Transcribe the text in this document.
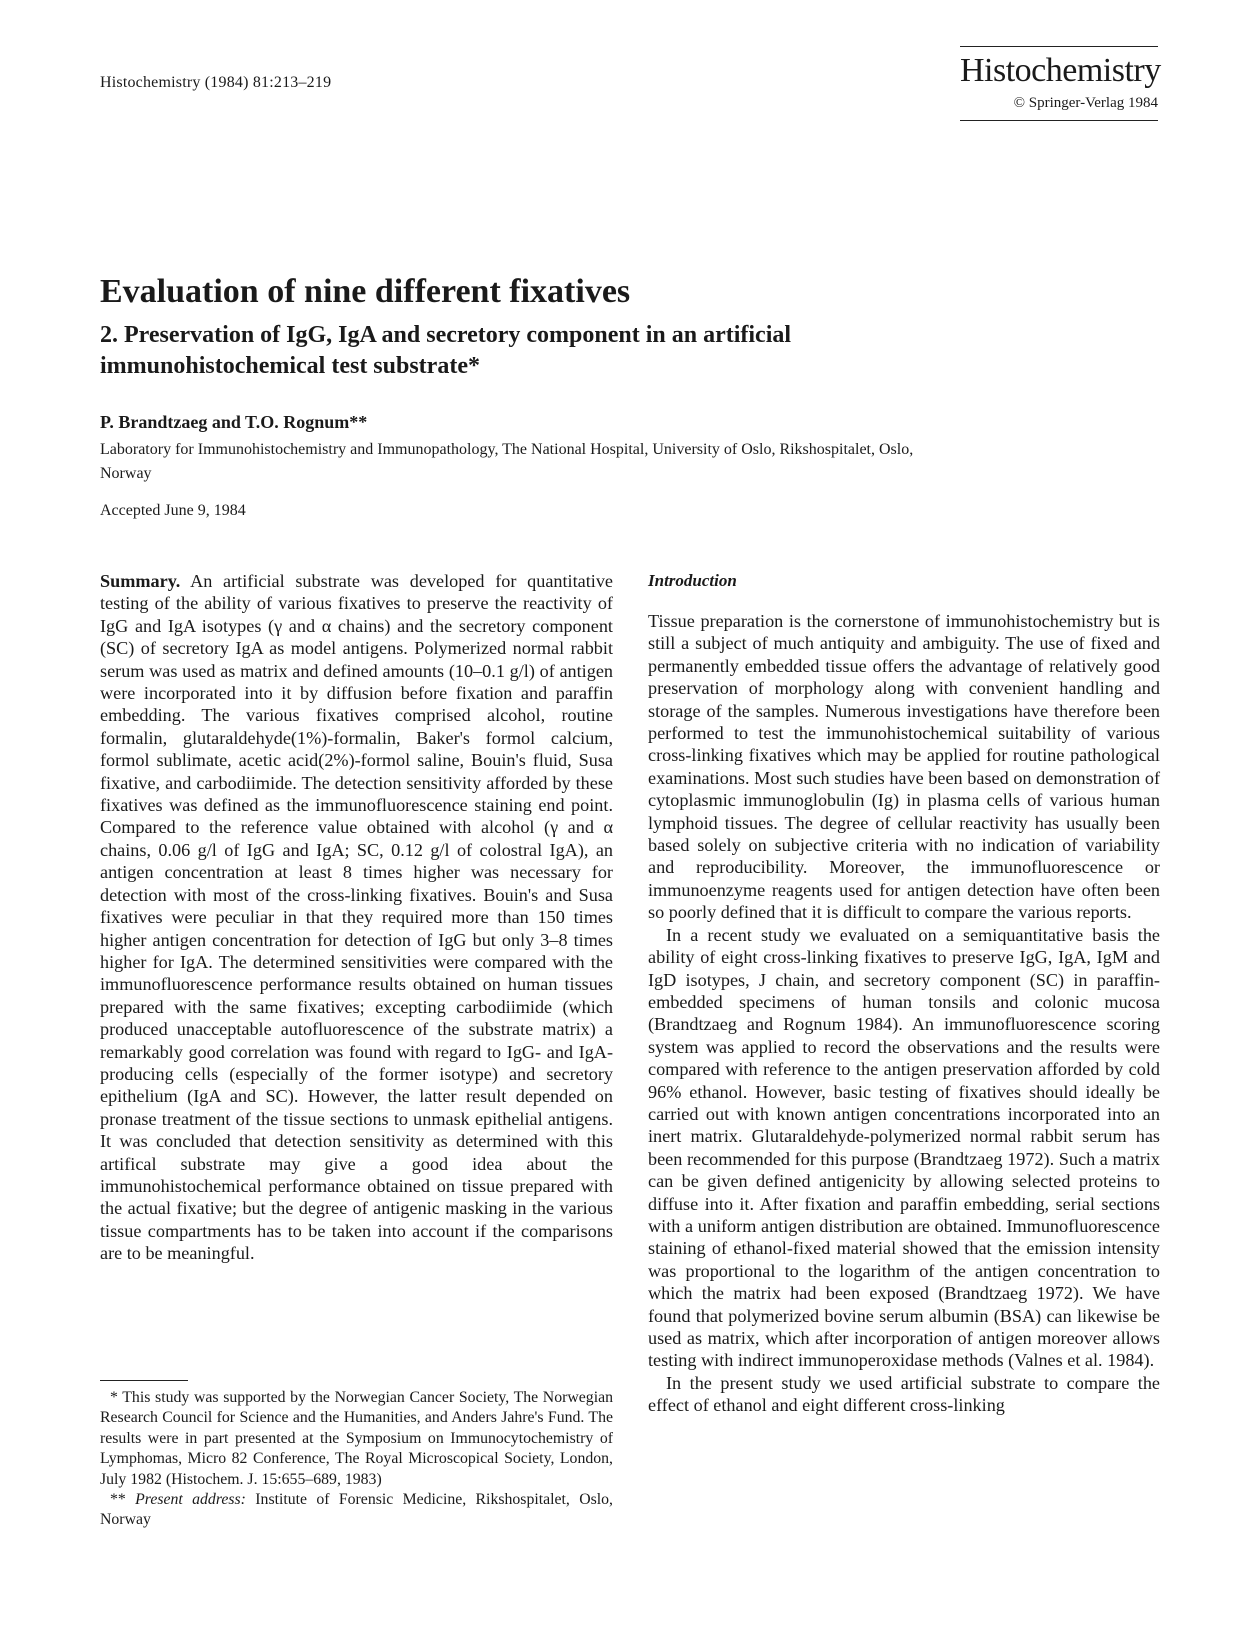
Histochemistry (1984) 81:213–219	Histochemistry
© Springer-Verlag 1984
Evaluation of nine different fixatives
2. Preservation of IgG, IgA and secretory component in an artificial immunohistochemical test substrate*
P. Brandtzaeg and T.O. Rognum**
Laboratory for Immunohistochemistry and Immunopathology, The National Hospital, University of Oslo, Rikshospitalet, Oslo, Norway
Accepted June 9, 1984

Summary. An artificial substrate was developed for quantitative testing of the ability of various fixatives to preserve the reactivity of IgG and IgA isotypes (γ and α chains) and the secretory component (SC) of secretory IgA as model antigens. Polymerized normal rabbit serum was used as matrix and defined amounts (10–0.1 g/l) of antigen were incorporated into it by diffusion before fixation and paraffin embedding. The various fixatives comprised alcohol, routine formalin, glutaraldehyde(1%)-formalin, Baker's formol calcium, formol sublimate, acetic acid(2%)-formol saline, Bouin's fluid, Susa fixative, and carbodiimide. The detection sensitivity afforded by these fixatives was defined as the immunofluorescence staining end point. Compared to the reference value obtained with alcohol (γ and α chains, 0.06 g/l of IgG and IgA; SC, 0.12 g/l of colostral IgA), an antigen concentration at least 8 times higher was necessary for detection with most of the cross-linking fixatives. Bouin's and Susa fixatives were peculiar in that they required more than 150 times higher antigen concentration for detection of IgG but only 3–8 times higher for IgA. The determined sensitivities were compared with the immunofluorescence performance results obtained on human tissues prepared with the same fixatives; excepting carbodiimide (which produced unacceptable autofluorescence of the substrate matrix) a remarkably good correlation was found with regard to IgG- and IgA-producing cells (especially of the former isotype) and secretory epithelium (IgA and SC). However, the latter result depended on pronase treatment of the tissue sections to unmask epithelial antigens. It was concluded that detection sensitivity as determined with this artifical substrate may give a good idea about the immunohistochemical performance obtained on tissue prepared with the actual fixative; but the degree of antigenic masking in the various tissue compartments has to be taken into account if the comparisons are to be meaningful.

* This study was supported by the Norwegian Cancer Society, The Norwegian Research Council for Science and the Humanities, and Anders Jahre's Fund. The results were in part presented at the Symposium on Immunocytochemistry of Lymphomas, Micro 82 Conference, The Royal Microscopical Society, London, July 1982 (Histochem. J. 15:655–689, 1983)

** Present address: Institute of Forensic Medicine, Rikshospitalet, Oslo, Norway

Introduction

Tissue preparation is the cornerstone of immunohistochemistry but is still a subject of much antiquity and ambiguity. The use of fixed and permanently embedded tissue offers the advantage of relatively good preservation of morphology along with convenient handling and storage of the samples. Numerous investigations have therefore been performed to test the immunohistochemical suitability of various cross-linking fixatives which may be applied for routine pathological examinations. Most such studies have been based on demonstration of cytoplasmic immunoglobulin (Ig) in plasma cells of various human lymphoid tissues. The degree of cellular reactivity has usually been based solely on subjective criteria with no indication of variability and reproducibility. Moreover, the immunofluorescence or immunoenzyme reagents used for antigen detection have often been so poorly defined that it is difficult to compare the various reports.

In a recent study we evaluated on a semiquantitative basis the ability of eight cross-linking fixatives to preserve IgG, IgA, IgM and IgD isotypes, J chain, and secretory component (SC) in paraffin-embedded specimens of human tonsils and colonic mucosa (Brandtzaeg and Rognum 1984). An immunofluorescence scoring system was applied to record the observations and the results were compared with reference to the antigen preservation afforded by cold 96% ethanol. However, basic testing of fixatives should ideally be carried out with known antigen concentrations incorporated into an inert matrix. Glutaraldehyde-polymerized normal rabbit serum has been recommended for this purpose (Brandtzaeg 1972). Such a matrix can be given defined antigenicity by allowing selected proteins to diffuse into it. After fixation and paraffin embedding, serial sections with a uniform antigen distribution are obtained. Immunofluorescence staining of ethanol-fixed material showed that the emission intensity was proportional to the logarithm of the antigen concentration to which the matrix had been exposed (Brandtzaeg 1972). We have found that polymerized bovine serum albumin (BSA) can likewise be used as matrix, which after incorporation of antigen moreover allows testing with indirect immunoperoxidase methods (Valnes et al. 1984).

In the present study we used artificial substrate to compare the effect of ethanol and eight different cross-linking
